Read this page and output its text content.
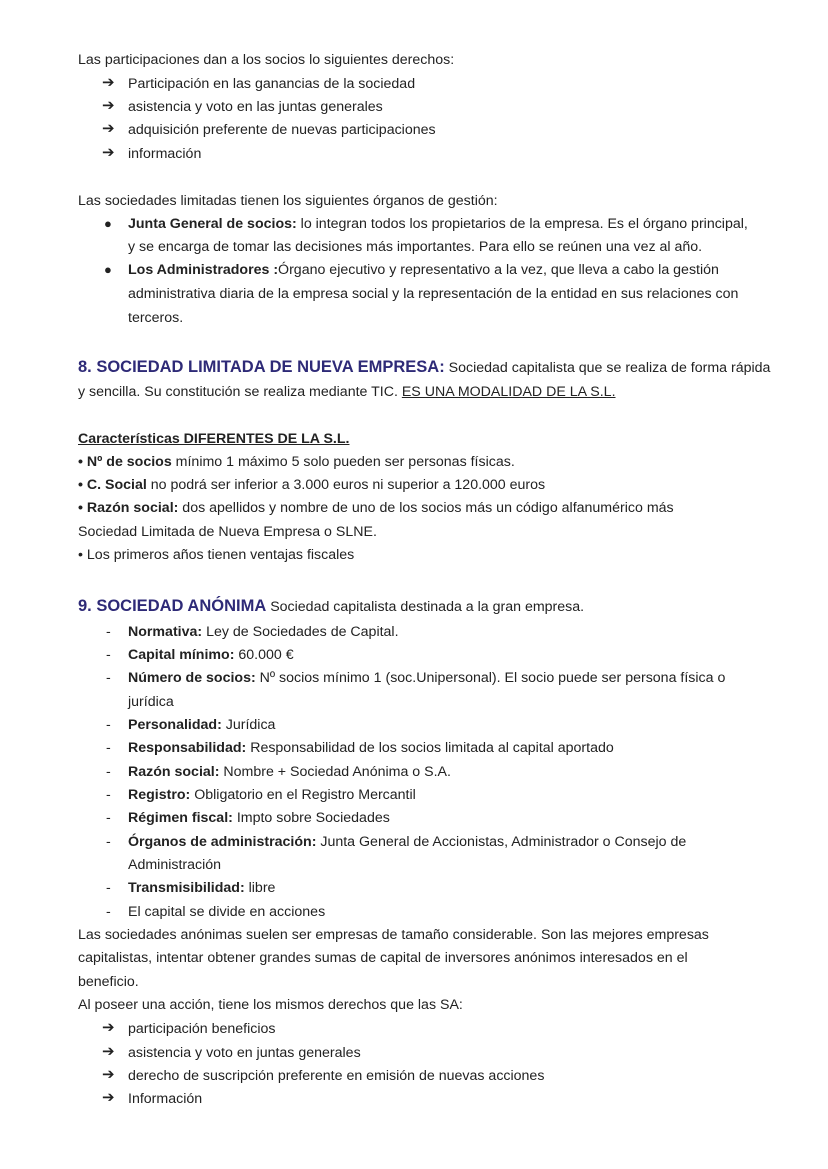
Las participaciones dan a los socios lo siguientes derechos:
➔ Participación en las ganancias de la sociedad
➔ asistencia y voto en las juntas generales
➔ adquisición preferente de nuevas participaciones
➔ información
Las sociedades limitadas tienen los siguientes órganos de gestión:
● Junta General de socios: lo integran todos los propietarios de la empresa. Es el órgano principal,
y se encarga de tomar las decisiones más importantes. Para ello se reúnen una vez al año.
● Los Administradores :Órgano ejecutivo y representativo a la vez, que lleva a cabo la gestión
administrativa diaria de la empresa social y la representación de la entidad en sus relaciones con
terceros.
8. SOCIEDAD LIMITADA DE NUEVA EMPRESA: Sociedad capitalista que se realiza de forma rápida
y sencilla. Su constitución se realiza mediante TIC. ES UNA MODALIDAD DE LA S.L.
Características DIFERENTES DE LA S.L.
• Nº de socios mínimo 1 máximo 5 solo pueden ser personas físicas.
• C. Social no podrá ser inferior a 3.000 euros ni superior a 120.000 euros
• Razón social: dos apellidos y nombre de uno de los socios más un código alfanumérico más
Sociedad Limitada de Nueva Empresa o SLNE.
• Los primeros años tienen ventajas fiscales
9. SOCIEDAD ANÓNIMA Sociedad capitalista destinada a la gran empresa.
- Normativa: Ley de Sociedades de Capital.
- Capital mínimo: 60.000 €
- Número de socios: Nº socios mínimo 1 (soc.Unipersonal). El socio puede ser persona física o
jurídica
- Personalidad: Jurídica
- Responsabilidad: Responsabilidad de los socios limitada al capital aportado
- Razón social: Nombre + Sociedad Anónima o S.A.
- Registro: Obligatorio en el Registro Mercantil
- Régimen fiscal: Impto sobre Sociedades
- Órganos de administración: Junta General de Accionistas, Administrador o Consejo de
Administración
- Transmisibilidad: libre
- El capital se divide en acciones
Las sociedades anónimas suelen ser empresas de tamaño considerable. Son las mejores empresas
capitalistas, intentar obtener grandes sumas de capital de inversores anónimos interesados en el
beneficio.
Al poseer una acción, tiene los mismos derechos que las SA:
➔ participación beneficios
➔ asistencia y voto en juntas generales
➔ derecho de suscripción preferente en emisión de nuevas acciones
➔ Información
